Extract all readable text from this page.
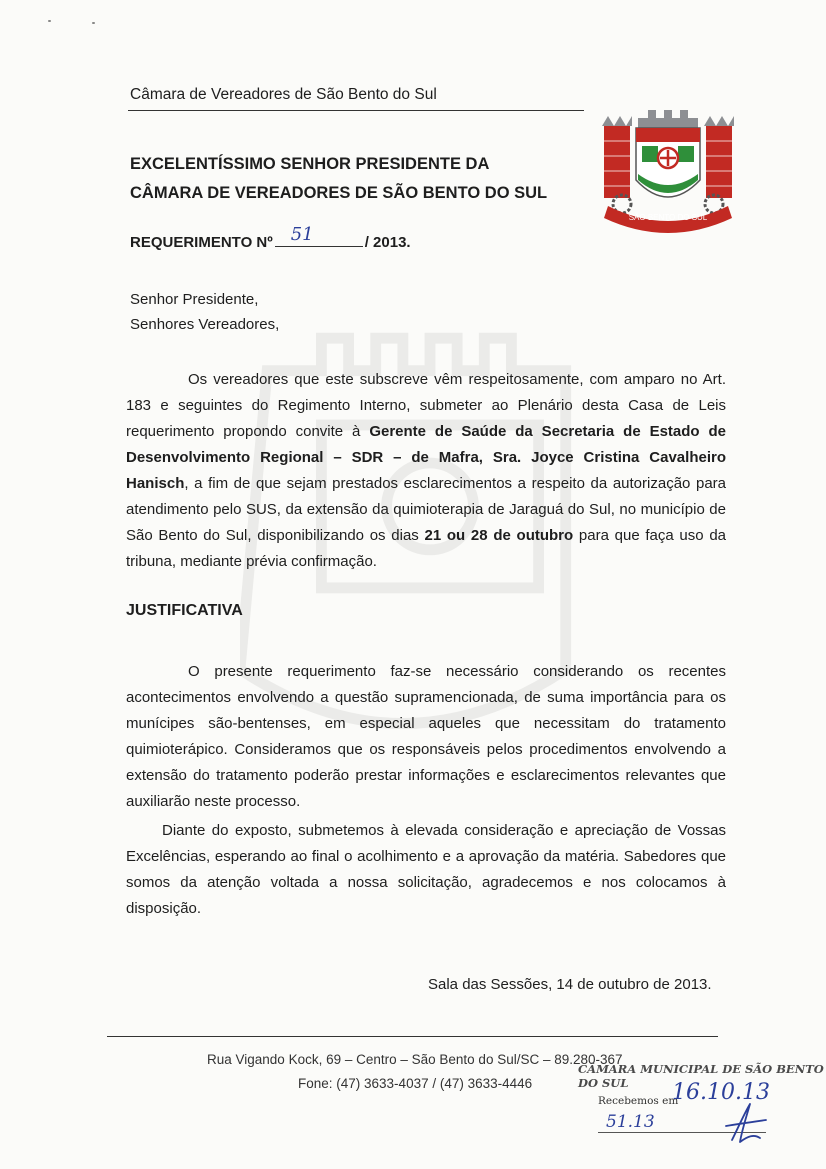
Câmara de Vereadores de São Bento do Sul
SÃO BENTO DO SUL
EXCELENTÍSSIMO SENHOR PRESIDENTE DA
CÂMARA DE VEREADORES DE SÃO BENTO DO SUL
REQUERIMENTO Nº 51	/ 2013.
Senhor Presidente,
Senhores Vereadores,

Os vereadores que este subscreve vêm respeitosamente, com amparo no Art. 183 e seguintes do Regimento Interno, submeter ao Plenário desta Casa de Leis requerimento propondo convite à Gerente de Saúde da Secretaria de Estado de Desenvolvimento Regional – SDR – de Mafra, Sra. Joyce Cristina Cavalheiro Hanisch, a fim de que sejam prestados esclarecimentos a respeito da autorização para atendimento pelo SUS, da extensão da quimioterapia de Jaraguá do Sul, no município de São Bento do Sul, disponibilizando os dias 21 ou 28 de outubro para que faça uso da tribuna, mediante prévia confirmação.

JUSTIFICATIVA

O presente requerimento faz-se necessário considerando os recentes acontecimentos envolvendo a questão supramencionada, de suma importância para os munícipes são-bentenses, em especial aqueles que necessitam do tratamento quimioterápico. Consideramos que os responsáveis pelos procedimentos envolvendo a extensão do tratamento poderão prestar informações e esclarecimentos relevantes que auxiliarão neste processo.

Diante do exposto, submetemos à elevada consideração e apreciação de Vossas Excelências, esperando ao final o acolhimento e a aprovação da matéria. Sabedores que somos da atenção voltada a nossa solicitação, agradecemos e nos colocamos à disposição.

Sala das Sessões, 14 de outubro de 2013.
Rua Vigando Kock, 69 – Centro – São Bento do Sul/SC – 89.280-367
Fone: (47) 3633-4037 / (47) 3633-4446
CÂMARA MUNICIPAL DE SÃO BENTO DO SUL
Recebemos em
16.10.13
51.13
